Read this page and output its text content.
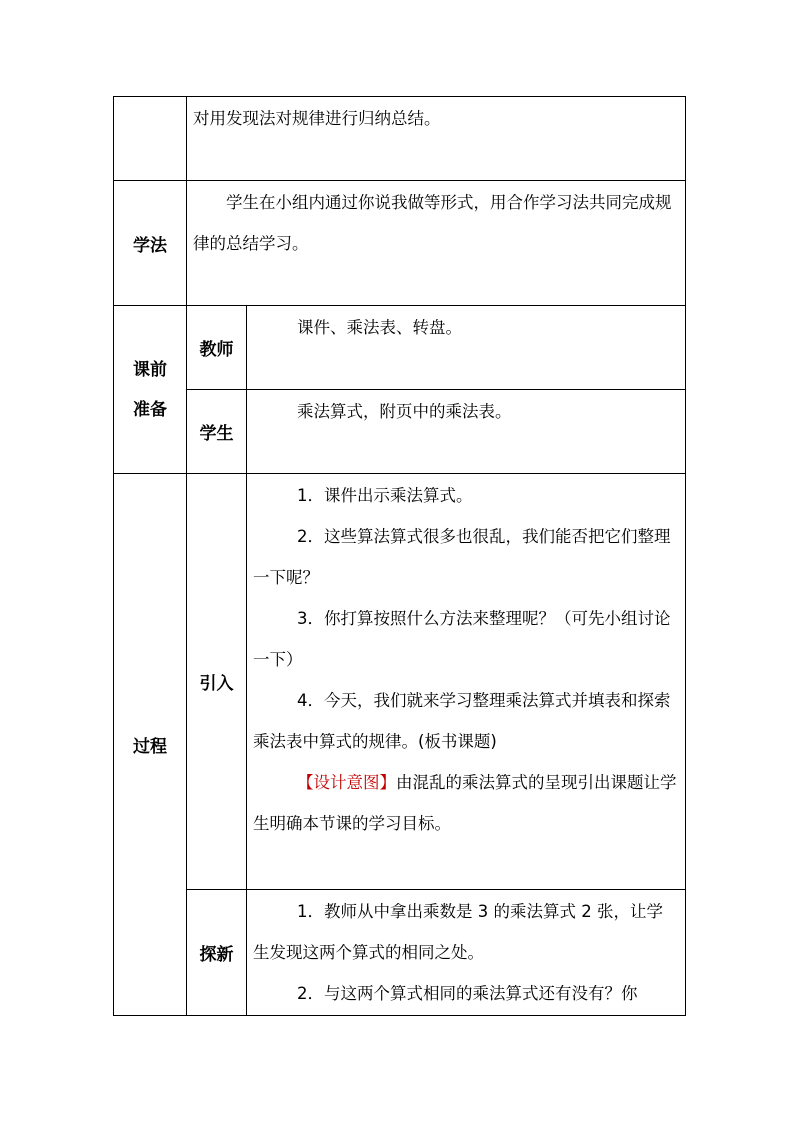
	对用发现法对规律进行归纳总结。	

学法	学生在小组内通过你说我做等形式，用合作学习法共同完成规律的总结学习。	

课前
准备	教师	课件、乘法表、转盘。

	学生	乘法算式，附页中的乘法表。

过程	引入	1．课件出示乘法算式。

2．这些算法算式很多也很乱，我们能否把它们整理一下呢？

3．你打算按照什么方法来整理呢？（可先小组讨论一下）

4．今天，我们就来学习整理乘法算式并填表和探索乘法表中算式的规律。(板书课题)

【设计意图】由混乱的乘法算式的呈现引出课题让学生明确本节课的学习目标。

	探新	1．教师从中拿出乘数是 3 的乘法算式 2 张，让学生发现这两个算式的相同之处。

2．与这两个算式相同的乘法算式还有没有？你
